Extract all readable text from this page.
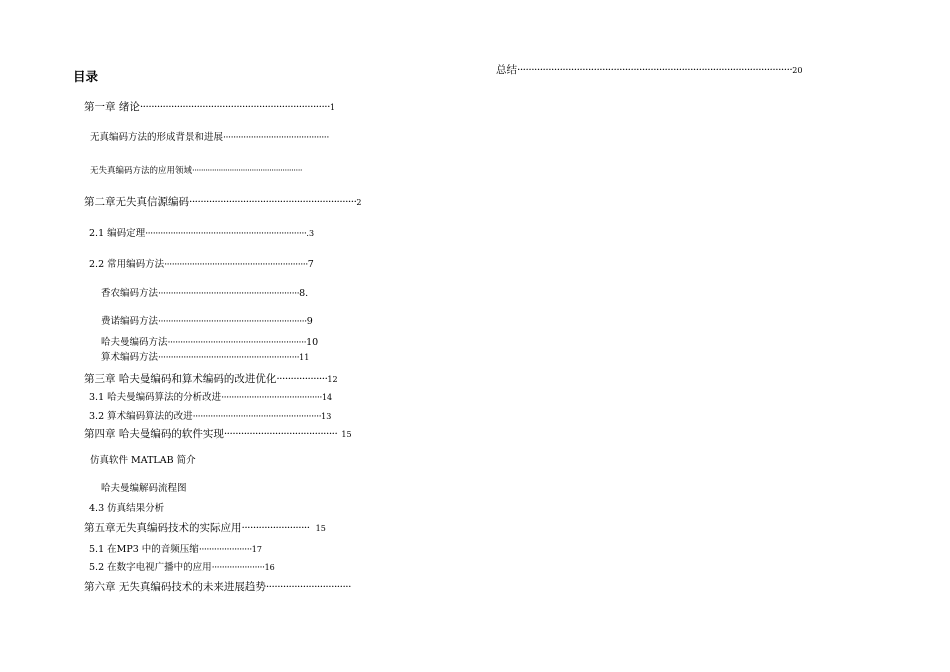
目录
第一章 绪论···································································1
无真编码方法的形成背景和进展··········································
无失真编码方法的应用领域··················································
第二章无失真信源编码···························································2
2.1 编码定理································································.3
2.2 常用编码方法·························································7
香农编码方法························································8.
费诺编码方法···························································9
哈夫曼编码方法·······················································10
算术编码方法························································11
第三章 哈夫曼编码和算术编码的改进优化··················12
3.1 哈夫曼编码算法的分析改进········································14
3.2 算术编码算法的改进···················································13
第四章 哈夫曼编码的软件实现········································ 15
仿真软件 MATLAB 简介
哈夫曼编解码流程图
4.3 仿真结果分析
第五章无失真编码技术的实际应用························ 15
5.1 在MP3 中的音频压缩·····················17
5.2 在数字电视广播中的应用·····················16
第六章 无失真编码技术的未来进展趋势······························
总结·································································································20
